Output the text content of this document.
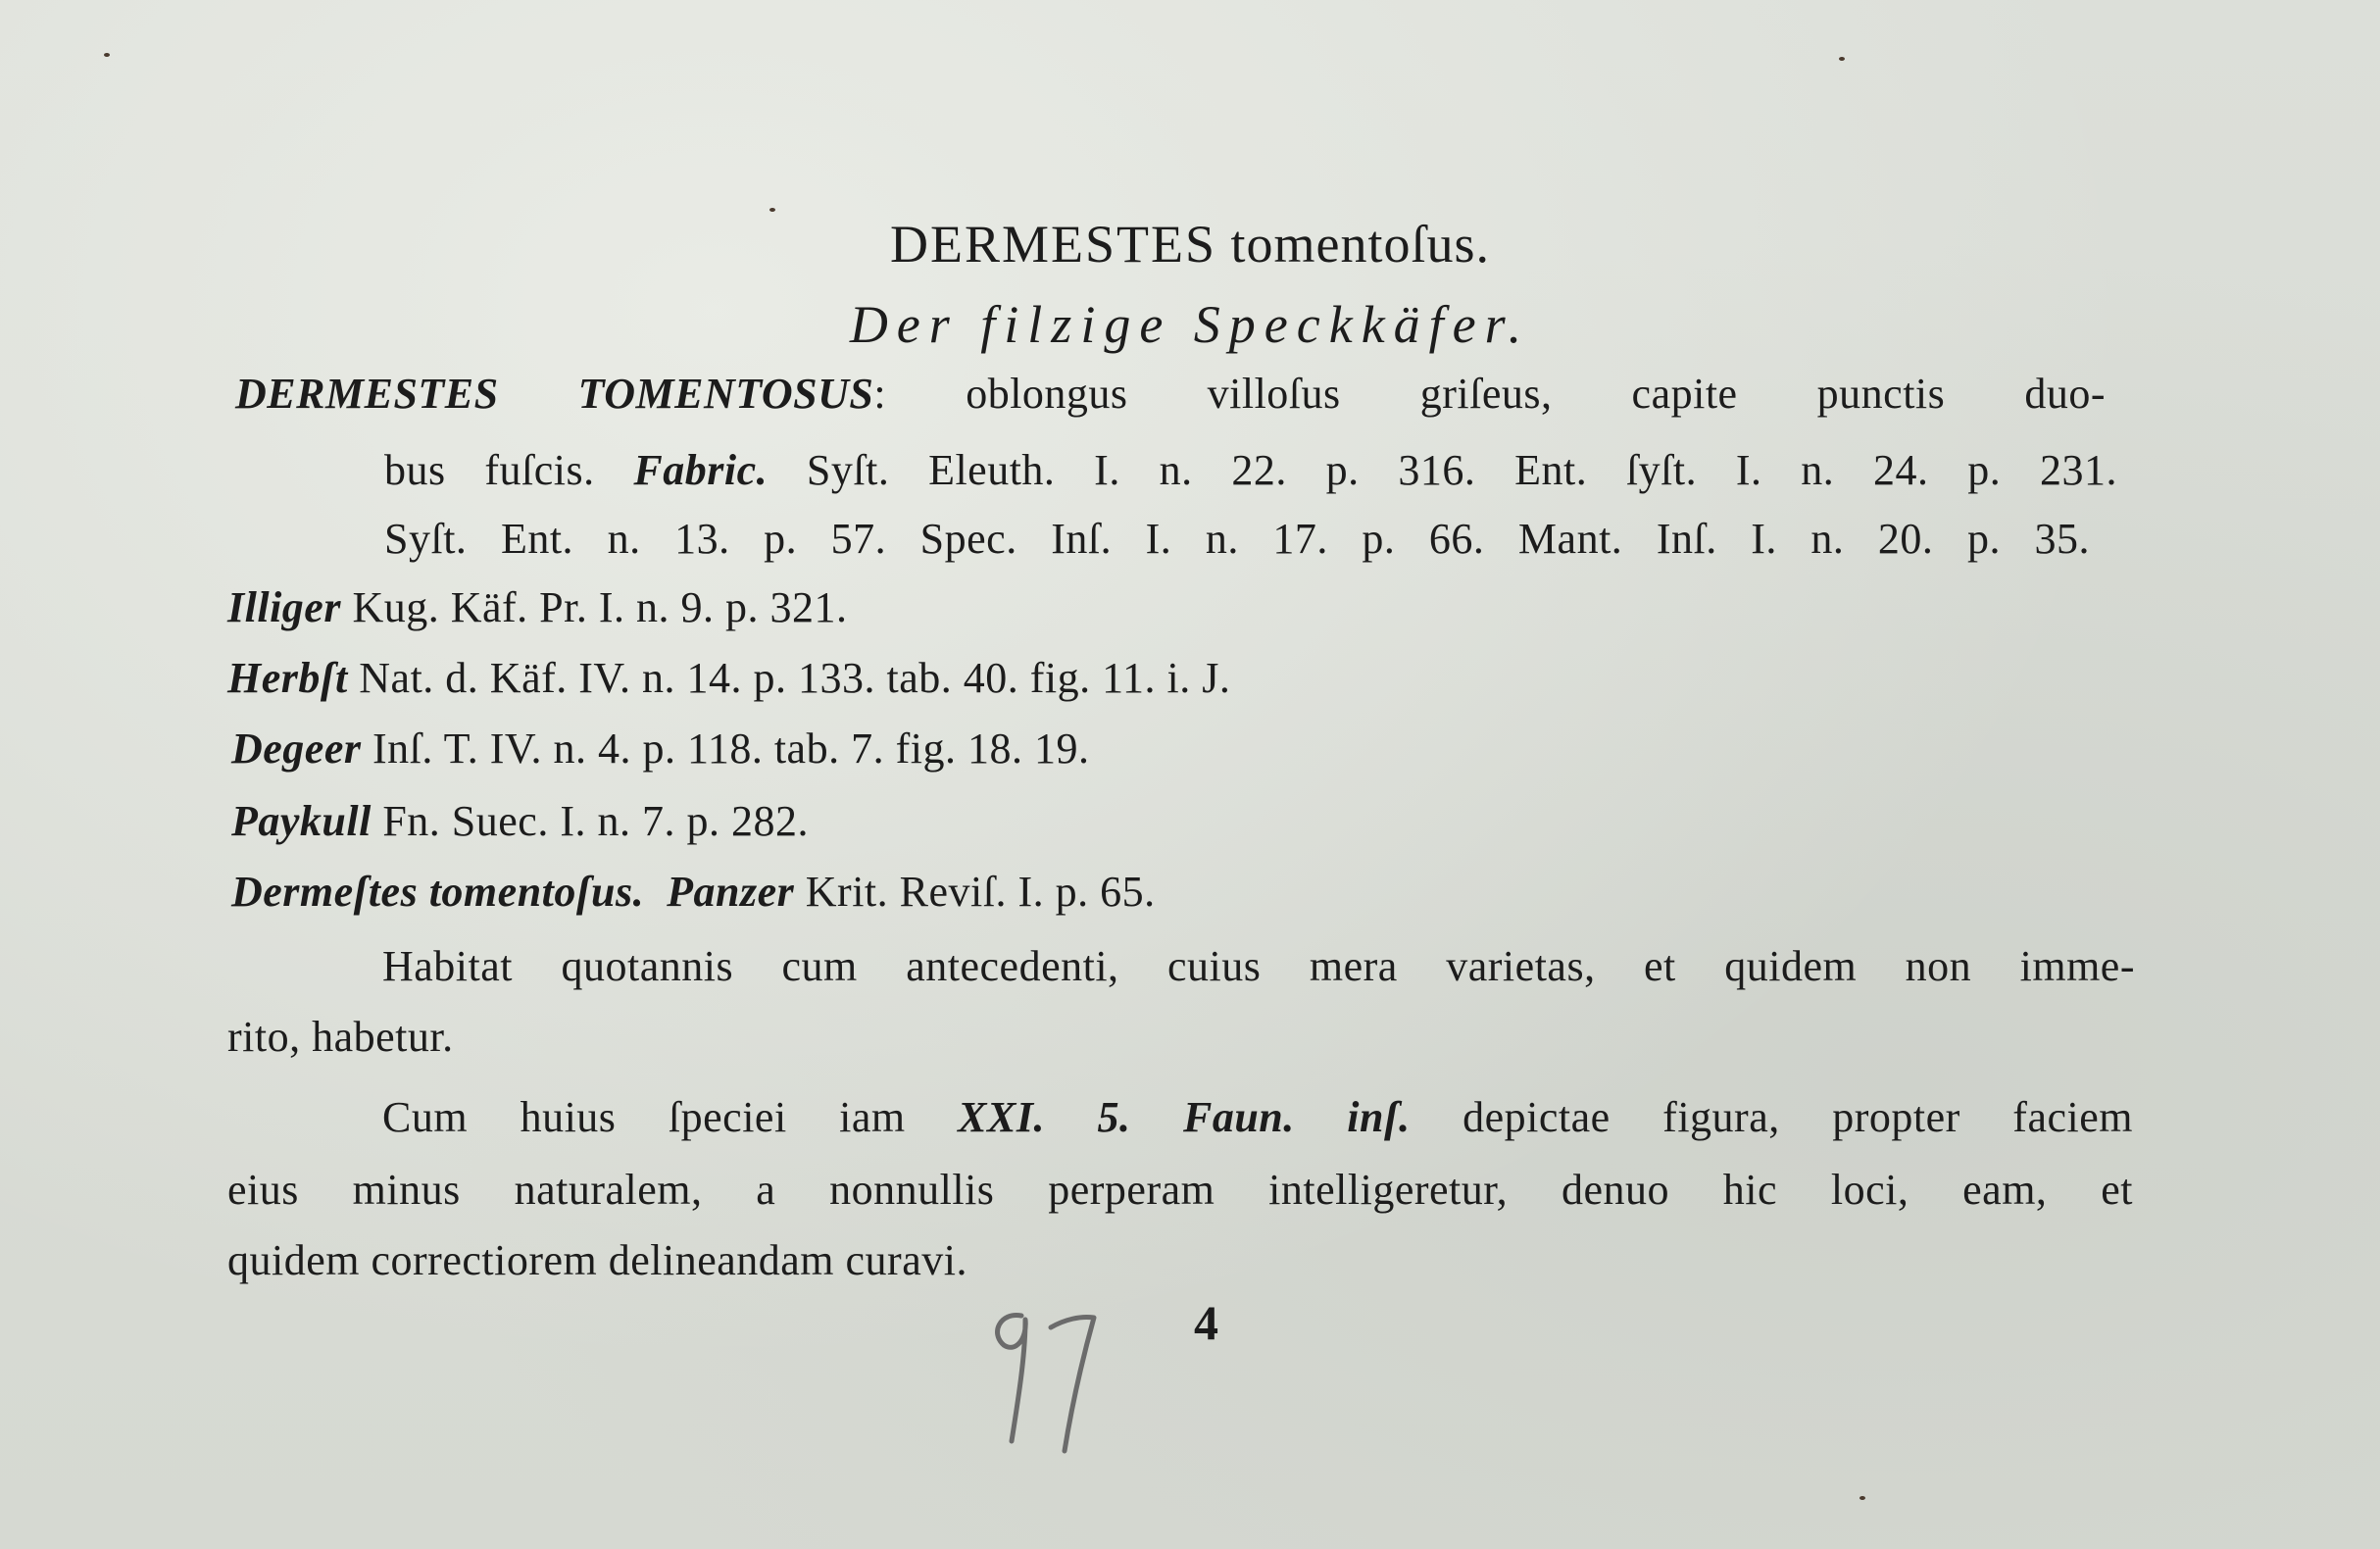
DERMESTES tomentoſus.
Der filzige Speckkäfer.
DERMESTES TOMENTOSUS: oblongus villoſus griſeus, capite punctis duo-
bus fuſcis. Fabric. Syſt. Eleuth. I. n. 22. p. 316. Ent. ſyſt. I. n. 24. p. 231.
Syſt. Ent. n. 13. p. 57. Spec. Inſ. I. n. 17. p. 66. Mant. Inſ. I. n. 20. p. 35.
Illiger Kug. Käf. Pr. I. n. 9. p. 321.
Herbſt Nat. d. Käf. IV. n. 14. p. 133. tab. 40. fig. 11. i. J.
Degeer Inſ. T. IV. n. 4. p. 118. tab. 7. fig. 18. 19.
Paykull Fn. Suec. I. n. 7. p. 282.
Dermeſtes tomentoſus. Panzer Krit. Reviſ. I. p. 65.
Habitat quotannis cum antecedenti, cuius mera varietas, et quidem non imme-
rito, habetur.
Cum huius ſpeciei iam XXI. 5. Faun. inſ. depictae figura, propter faciem
eius minus naturalem, a nonnullis perperam intelligeretur, denuo hic loci, eam, et
quidem correctiorem delineandam curavi.
4
